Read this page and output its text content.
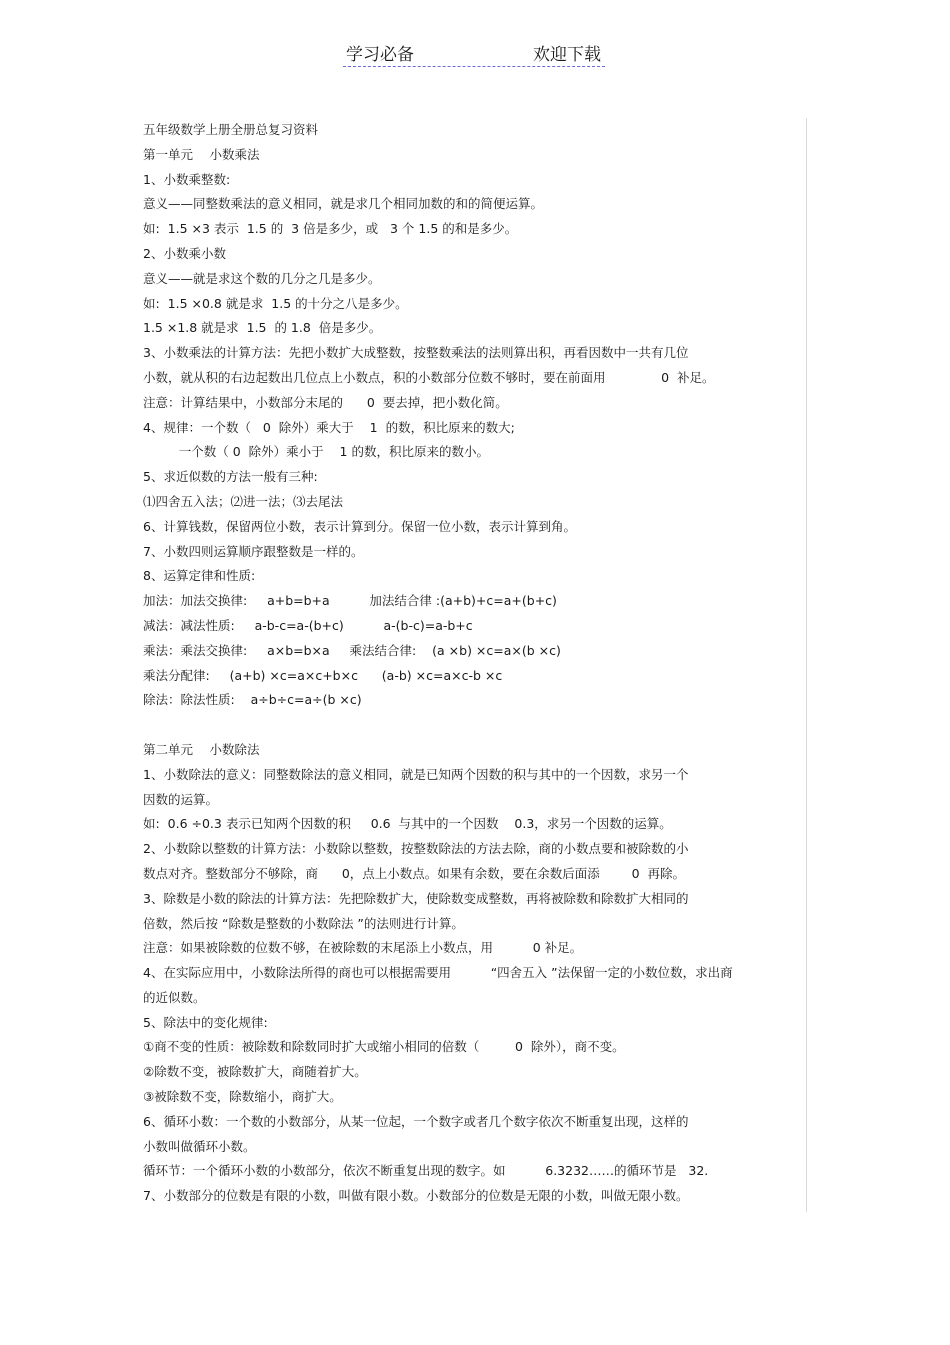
学习必备	欢迎下载
五年级数学上册全册总复习资料
第一单元　 小数乘法
1、小数乘整数:
意义——同整数乘法的意义相同，就是求几个相同加数的和的简便运算。
如:  1.5 ×3 表示  1.5 的  3 倍是多少，或   3 个 1.5 的和是多少。
2、小数乘小数
意义——就是求这个数的几分之几是多少。
如:  1.5 ×0.8 就是求  1.5 的十分之八是多少。
1.5 ×1.8 就是求  1.5  的 1.8  倍是多少。
3、小数乘法的计算方法：先把小数扩大成整数，按整数乘法的法则算出积，再看因数中一共有几位
小数，就从积的右边起数出几位点上小数点，积的小数部分位数不够时，要在前面用              0  补足。
注意：计算结果中，小数部分末尾的      0  要去掉，把小数化简。
4、规律：一个数（   0  除外）乘大于    1  的数，积比原来的数大;
一个数（ 0  除外）乘小于    1 的数，积比原来的数小。
5、求近似数的方法一般有三种:
⑴四舍五入法；⑵进一法；⑶去尾法
6、计算钱数，保留两位小数，表示计算到分。保留一位小数，表示计算到角。
7、小数四则运算顺序跟整数是一样的。
8、运算定律和性质:
加法：加法交换律:     a+b=b+a          加法结合律 :(a+b)+c=a+(b+c)
减法：减法性质:     a-b-c=a-(b+c)          a-(b-c)=a-b+c
乘法：乘法交换律:     a×b=b×a     乘法结合律:    (a ×b) ×c=a×(b ×c)
乘法分配律:     (a+b) ×c=a×c+b×c      (a-b) ×c=a×c-b ×c
除法：除法性质:    a÷b÷c=a÷(b ×c)
第二单元　 小数除法
1、小数除法的意义：同整数除法的意义相同，就是已知两个因数的积与其中的一个因数，求另一个
因数的运算。
如:  0.6 ÷0.3 表示已知两个因数的积     0.6  与其中的一个因数    0.3，求另一个因数的运算。
2、小数除以整数的计算方法：小数除以整数，按整数除法的方法去除，商的小数点要和被除数的小
数点对齐。整数部分不够除，商      0，点上小数点。如果有余数，要在余数后面添        0  再除。
3、除数是小数的除法的计算方法：先把除数扩大，使除数变成整数，再将被除数和除数扩大相同的
倍数，然后按 “除数是整数的小数除法 ”的法则进行计算。
注意：如果被除数的位数不够，在被除数的末尾添上小数点，用          0 补足。
4、在实际应用中，小数除法所得的商也可以根据需要用          “四舍五入 ”法保留一定的小数位数，求出商
的近似数。
5、除法中的变化规律:
①商不变的性质：被除数和除数同时扩大或缩小相同的倍数（         0  除外），商不变。
②除数不变，被除数扩大，商随着扩大。
③被除数不变，除数缩小，商扩大。
6、循环小数：一个数的小数部分，从某一位起，一个数字或者几个数字依次不断重复出现，这样的
小数叫做循环小数。
循环节：一个循环小数的小数部分，依次不断重复出现的数字。如          6.3232……的循环节是   32.
7、小数部分的位数是有限的小数，叫做有限小数。小数部分的位数是无限的小数，叫做无限小数。
